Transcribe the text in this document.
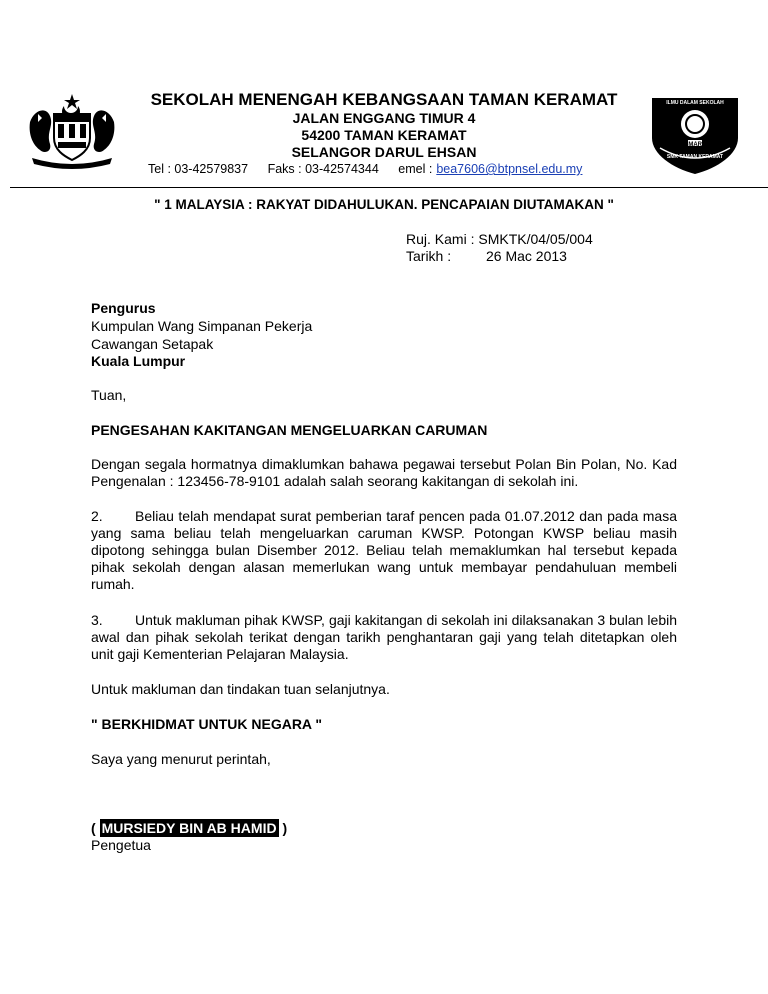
ILMU DALAM SEKOLAH
SMART
SMK TAMAN KERAMAT
SEKOLAH MENENGAH KEBANGSAAN TAMAN KERAMAT
JALAN ENGGANG TIMUR 4
54200 TAMAN KERAMAT
SELANGOR DARUL EHSAN
Tel : 03-42579837 Faks : 03-42574344 emel : bea7606@btpnsel.edu.my
" 1 MALAYSIA : RAKYAT DIDAHULUKAN. PENCAPAIAN DIUTAMAKAN "
Ruj. Kami : SMKTK/04/05/004
Tarikh : 26 Mac 2013
Pengurus
Kumpulan Wang Simpanan Pekerja
Cawangan Setapak
Kuala Lumpur
Tuan,
PENGESAHAN KAKITANGAN MENGELUARKAN CARUMAN
Dengan segala hormatnya dimaklumkan bahawa pegawai tersebut Polan Bin Polan, No. Kad Pengenalan : 123456-78-9101 adalah salah seorang kakitangan di sekolah ini.
2. Beliau telah mendapat surat pemberian taraf pencen pada 01.07.2012 dan pada masa yang sama beliau telah mengeluarkan caruman KWSP. Potongan KWSP beliau masih dipotong sehingga bulan Disember 2012. Beliau telah memaklumkan hal tersebut kepada pihak sekolah dengan alasan memerlukan wang untuk membayar pendahuluan membeli rumah.
3. Untuk makluman pihak KWSP, gaji kakitangan di sekolah ini dilaksanakan 3 bulan lebih awal dan pihak sekolah terikat dengan tarikh penghantaran gaji yang telah ditetapkan oleh unit gaji Kementerian Pelajaran Malaysia.
Untuk makluman dan tindakan tuan selanjutnya.
" BERKHIDMAT UNTUK NEGARA "
Saya yang menurut perintah,
( MURSIEDY BIN AB HAMID )
Pengetua
